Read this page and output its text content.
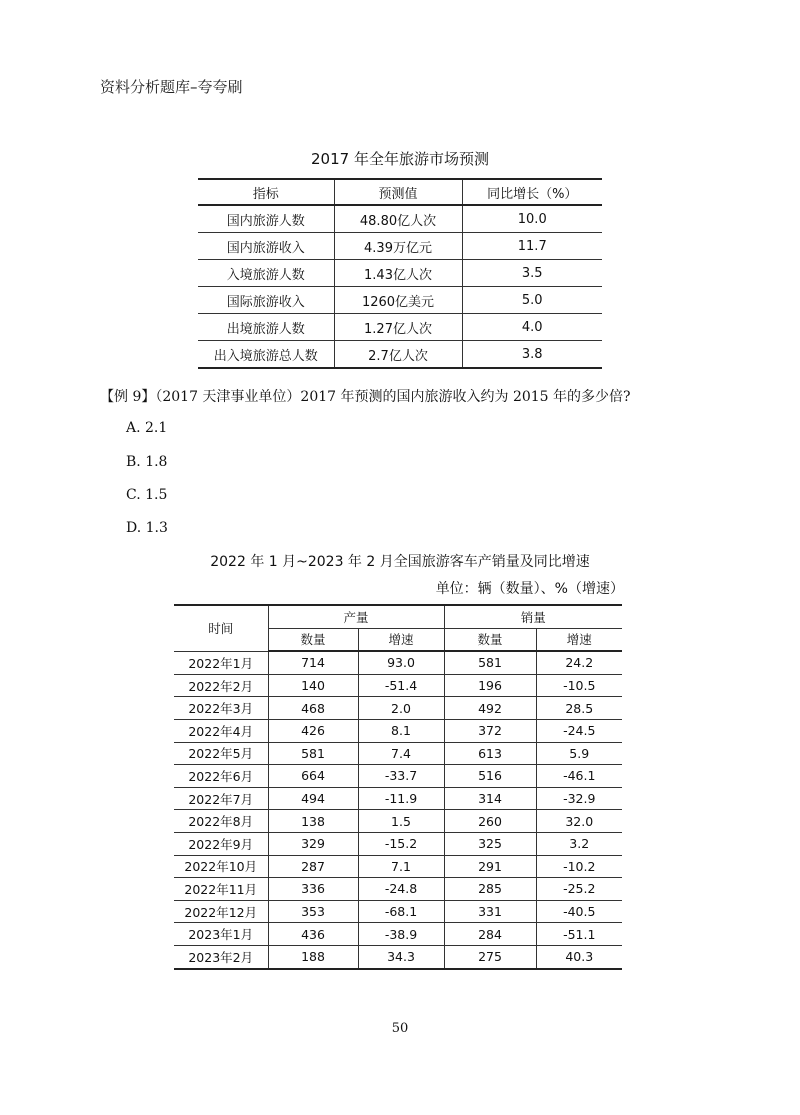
资料分析题库–夸夸刷
2017 年全年旅游市场预测
指标	预测值	同比增长（%）
国内旅游人数	48.80亿人次	10.0
国内旅游收入	4.39万亿元	11.7
入境旅游人数	1.43亿人次	3.5
国际旅游收入	1260亿美元	5.0
出境旅游人数	1.27亿人次	4.0
出入境旅游总人数	2.7亿人次	3.8
【例 9】（2017 天津事业单位）2017 年预测的国内旅游收入约为 2015 年的多少倍?
A. 2.1
B. 1.8
C. 1.5
D. 1.3
2022 年 1 月~2023 年 2 月全国旅游客车产销量及同比增速
单位：辆（数量）、%（增速）
时间	产量		销量	
	数量	增速	数量	增速
2022年1月	714	93.0	581	24.2
2022年2月	140	-51.4	196	-10.5
2022年3月	468	2.0	492	28.5
2022年4月	426	8.1	372	-24.5
2022年5月	581	7.4	613	5.9
2022年6月	664	-33.7	516	-46.1
2022年7月	494	-11.9	314	-32.9
2022年8月	138	1.5	260	32.0
2022年9月	329	-15.2	325	3.2
2022年10月	287	7.1	291	-10.2
2022年11月	336	-24.8	285	-25.2
2022年12月	353	-68.1	331	-40.5
2023年1月	436	-38.9	284	-51.1
2023年2月	188	34.3	275	40.3
50
